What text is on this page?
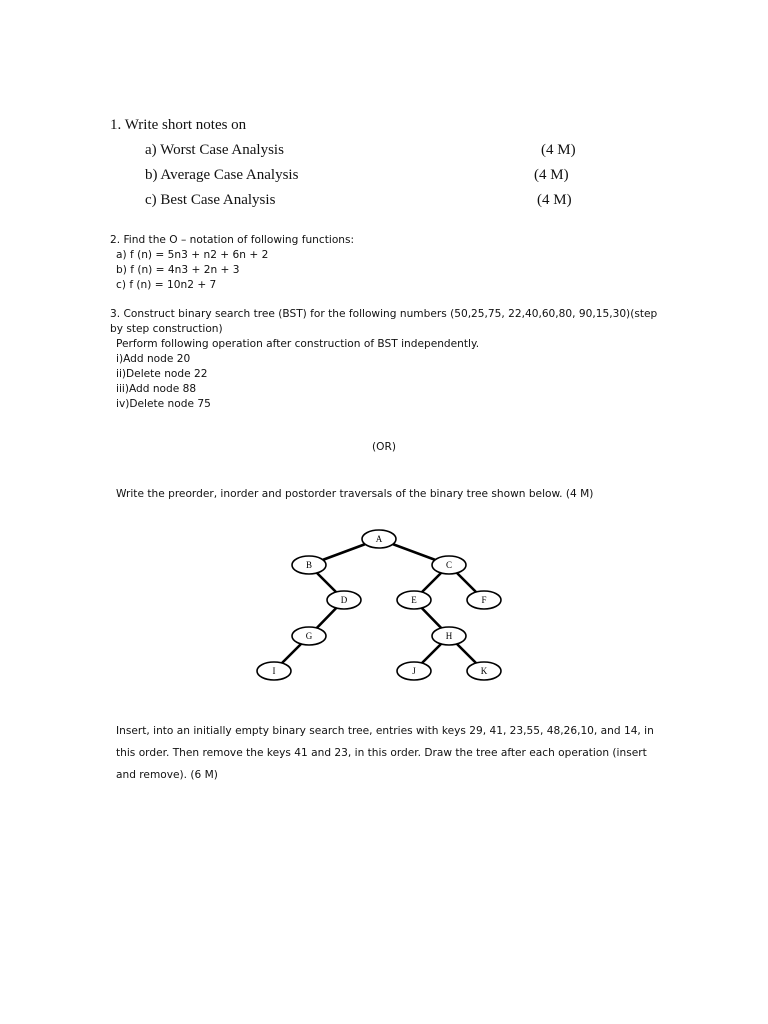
1. Write short notes on
a) Worst Case Analysis	(4 M)
b) Average Case Analysis	(4 M)
c) Best Case Analysis	(4 M)
2. Find the O – notation of following functions:
a) f (n) = 5n3 + n2 + 6n + 2
b) f (n) = 4n3 + 2n + 3
c) f (n) = 10n2 + 7
3. Construct binary search tree (BST) for the following numbers (50,25,75, 22,40,60,80, 90,15,30)(step by step construction)
Perform following operation after construction of BST independently.
i)Add node 20
ii)Delete node 22
iii)Add node 88
iv)Delete node 75
(OR)
Write the preorder, inorder and postorder traversals of the binary tree shown below. (4 M)
A
B	C
D	E	F
G	H
I	J	K
Insert, into an initially empty binary search tree, entries with keys 29, 41, 23,55, 48,26,10, and 14, in this order. Then remove the keys 41 and 23, in this order. Draw the tree after each operation (insert and remove). (6 M)
